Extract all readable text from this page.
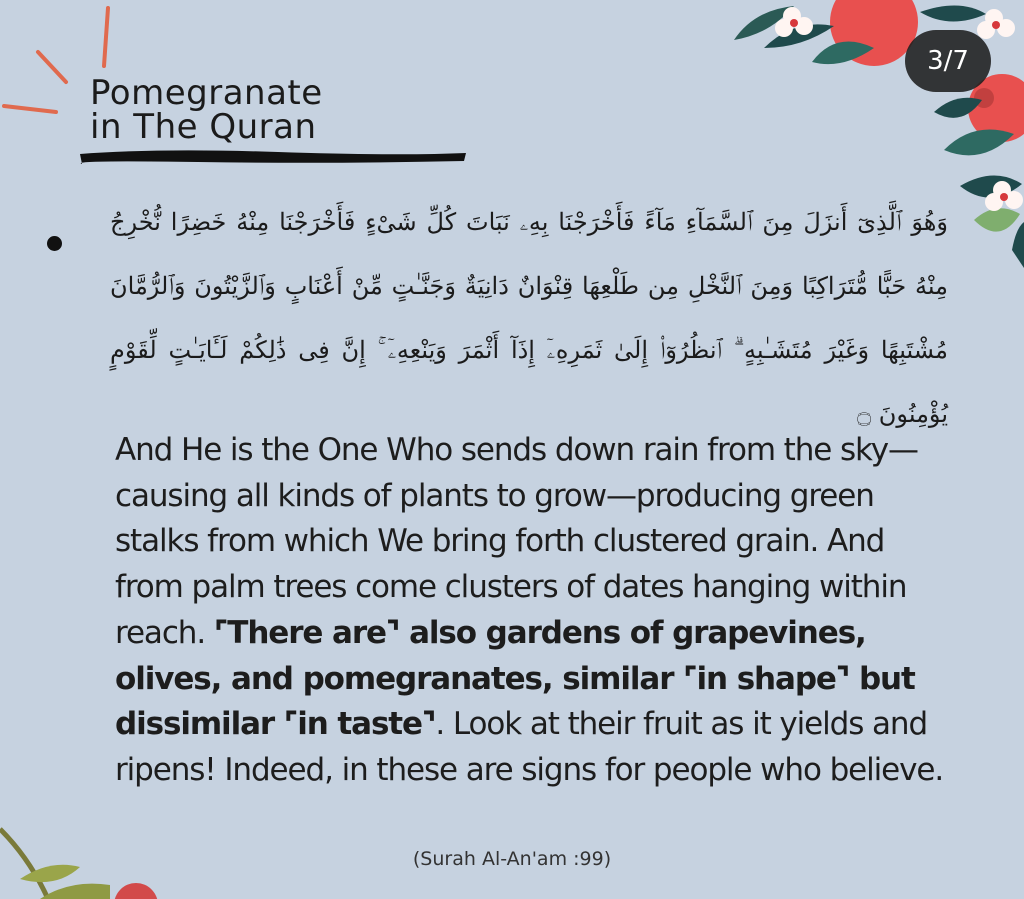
Pomegranate
in The Quran
3/7
وَهُوَ ٱلَّذِىٓ أَنزَلَ مِنَ ٱلسَّمَآءِ مَآءً فَأَخْرَجْنَا بِهِۦ نَبَاتَ كُلِّ شَىْءٍ فَأَخْرَجْنَا مِنْهُ خَضِرًا نُّخْرِجُ مِنْهُ حَبًّا مُّتَرَاكِبًا وَمِنَ ٱلنَّخْلِ مِن طَلْعِهَا قِنْوَانٌ دَانِيَةٌ وَجَنَّـٰتٍ مِّنْ أَعْنَابٍ وَٱلزَّيْتُونَ وَٱلرُّمَّانَ مُشْتَبِهًا وَغَيْرَ مُتَشَـٰبِهٍ ۗ ٱنظُرُوٓا۟ إِلَىٰ ثَمَرِهِۦٓ إِذَآ أَثْمَرَ وَيَنْعِهِۦٓ ۚ إِنَّ فِى ذَٰلِكُمْ لَـَٔايَـٰتٍ لِّقَوْمٍ يُؤْمِنُونَ ۝
And He is the One Who sends down rain from the sky—causing all kinds of plants to grow—producing green stalks from which We bring forth clustered grain. And from palm trees come clusters of dates hanging within reach. ⌜There are⌝ also gardens of grapevines, olives, and pomegranates, similar ⌜in shape⌝ but dissimilar ⌜in taste⌝. Look at their fruit as it yields and ripens! Indeed, in these are signs for people who believe.
(Surah Al-An'am :99)
